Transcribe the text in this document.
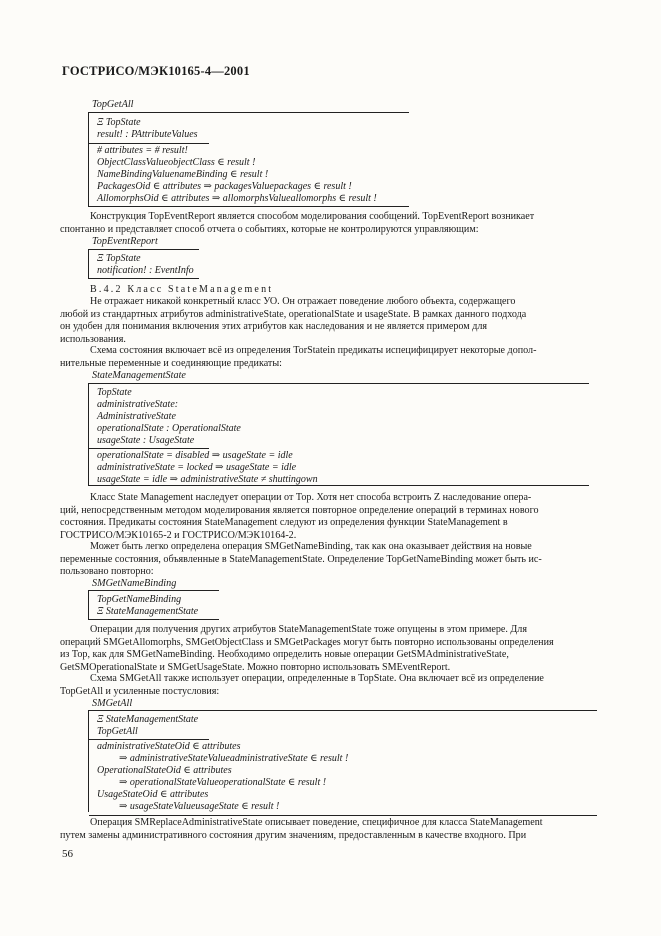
ГОСТРИСО/МЭК10165-4—2001
TopGetAll
Ξ TopState
result! : PAttributeValues
# attributes = # result!
ObjectClassValueobjectClass ∈ result !
NameBindingValuenameBinding ∈ result !
PackagesOid ∈ attributes ⇒ packagesValuepackages ∈ result !
AllomorphsOid ∈ attributes ⇒ allomorphsValueallomorphs ∈ result !

Конструкция TopEventReport является способом моделирования сообщений. TopEventReport возникает

спонтанно и представляет способ отчета о событиях, которые не контролируются управляющим:

TopEventReport
Ξ TopState
notification! : EventInfo
B.4.2 Класс StateManagement

Не отражает никакой конкретный класс УО. Он отражает поведение любого объекта, содержащего

любой из стандартных атрибутов administrativeState, operationalState и usageState. В рамках данного подхода

он удобен для понимания включения этих атрибутов как наследования и не является примером для

использования.

Схема состояния включает всё из определения TorStatein предикаты испецифицирует некоторые допол-

нительные переменные и соединяющие предикаты:

StateManagementState
TopState
administrativeState:
AdministrativeState
operationalState : OperationalState
usageState : UsageState
operationalState = disabled ⇒ usageState = idle
administrativeState = locked ⇒ usageState = idle
usageState = idle ⇒ administrativeState ≠ shuttingown

Класс State Management наследует операции от Top. Хотя нет способа встроить Z наследование опера-

ций, непосредственным методом моделирования является повторное определение операций в терминах нового

состояния. Предикаты состояния StateManagement следуют из определения функции StateManagement в

ГОСТРИСО/МЭК10165-2 и ГОСТРИСО/МЭК10164-2.

Может быть легко определена операция SMGetNameBinding, так как она оказывает действия на новые

переменные состояния, объявленные в StateManagementState. Определение TopGetNameBinding может быть ис-

пользовано повторно:

SMGetNameBinding
TopGetNameBinding
Ξ StateManagementState

Операции для получения других атрибутов StateManagementState тоже опущены в этом примере. Для

операций SMGetAllomorphs, SMGetObjectClass и SMGetPackages могут быть повторно использованы определения

из Top, как для SMGetNameBinding. Необходимо определить новые операции GetSMAdministrativeState,

GetSMOperationalState и SMGetUsageState. Можно повторно использовать SMEventReport.

Схема SMGetAll также использует операции, определенные в TopState. Она включает всё из определение

TopGetAll и усиленные постусловия:

SMGetAll
Ξ StateManagementState
TopGetAll
administrativeStateOid ∈ attributes
⇒ administrativeStateValueadministrativeState ∈ result !
OperationalStateOid ∈ attributes
⇒ operationalStateValueoperationalState ∈ result !
UsageStateOid ∈ attributes
⇒ usageStateValueusageState ∈ result !

Операция SMReplaceAdministrativeState описывает поведение, специфичное для класса StateManagement

путем замены административного состояния другим значениям, предоставленным в качестве входного. При

56
